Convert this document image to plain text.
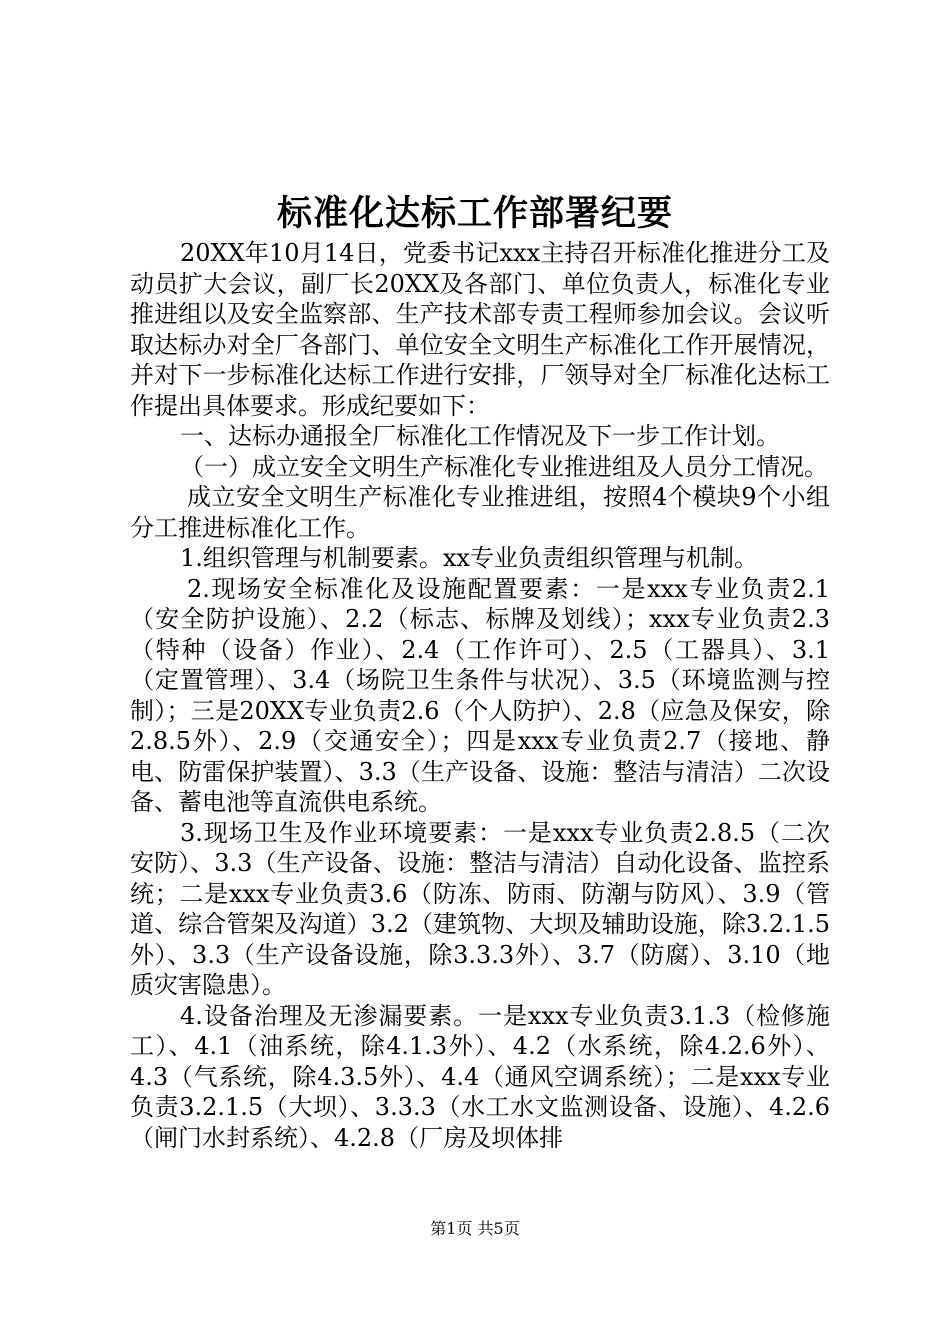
标准化达标工作部署纪要

20XX年10月14日，党委书记xxx主持召开标准化推进分工及动员扩大会议，副厂长20XX及各部门、单位负责人，标准化专业推进组以及安全监察部、生产技术部专责工程师参加会议。会议听取达标办对全厂各部门、单位安全文明生产标准化工作开展情况，并对下一步标准化达标工作进行安排，厂领导对全厂标准化达标工作提出具体要求。形成纪要如下：

一、达标办通报全厂标准化工作情况及下一步工作计划。

（一）成立安全文明生产标准化专业推进组及人员分工情况。

成立安全文明生产标准化专业推进组，按照4个模块9个小组分工推进标准化工作。

1.组织管理与机制要素。xx专业负责组织管理与机制。

2.现场安全标准化及设施配置要素：一是xxx专业负责2.1（安全防护设施）、2.2（标志、标牌及划线）；xxx专业负责2.3（特种（设备）作业）、2.4（工作许可）、2.5（工器具）、3.1（定置管理）、3.4（场院卫生条件与状况）、3.5（环境监测与控制）；三是20XX专业负责2.6（个人防护）、2.8（应急及保安，除2.8.5外）、2.9（交通安全）；四是xxx专业负责2.7（接地、静电、防雷保护装置）、3.3（生产设备、设施：整洁与清洁）二次设备、蓄电池等直流供电系统。

3.现场卫生及作业环境要素：一是xxx专业负责2.8.5（二次安防）、3.3（生产设备、设施：整洁与清洁）自动化设备、监控系统；二是xxx专业负责3.6（防冻、防雨、防潮与防风）、3.9（管道、综合管架及沟道）3.2（建筑物、大坝及辅助设施，除3.2.1.5外）、3.3（生产设备设施，除3.3.3外）、3.7（防腐）、3.10（地质灾害隐患）。

4.设备治理及无渗漏要素。一是xxx专业负责3.1.3（检修施工）、4.1（油系统，除4.1.3外）、4.2（水系统，除4.2.6外）、4.3（气系统，除4.3.5外）、4.4（通风空调系统）；二是xxx专业负责3.2.1.5（大坝）、3.3.3（水工水文监测设备、设施）、4.2.6（闸门水封系统）、4.2.8（厂房及坝体排

第1页 共5页
